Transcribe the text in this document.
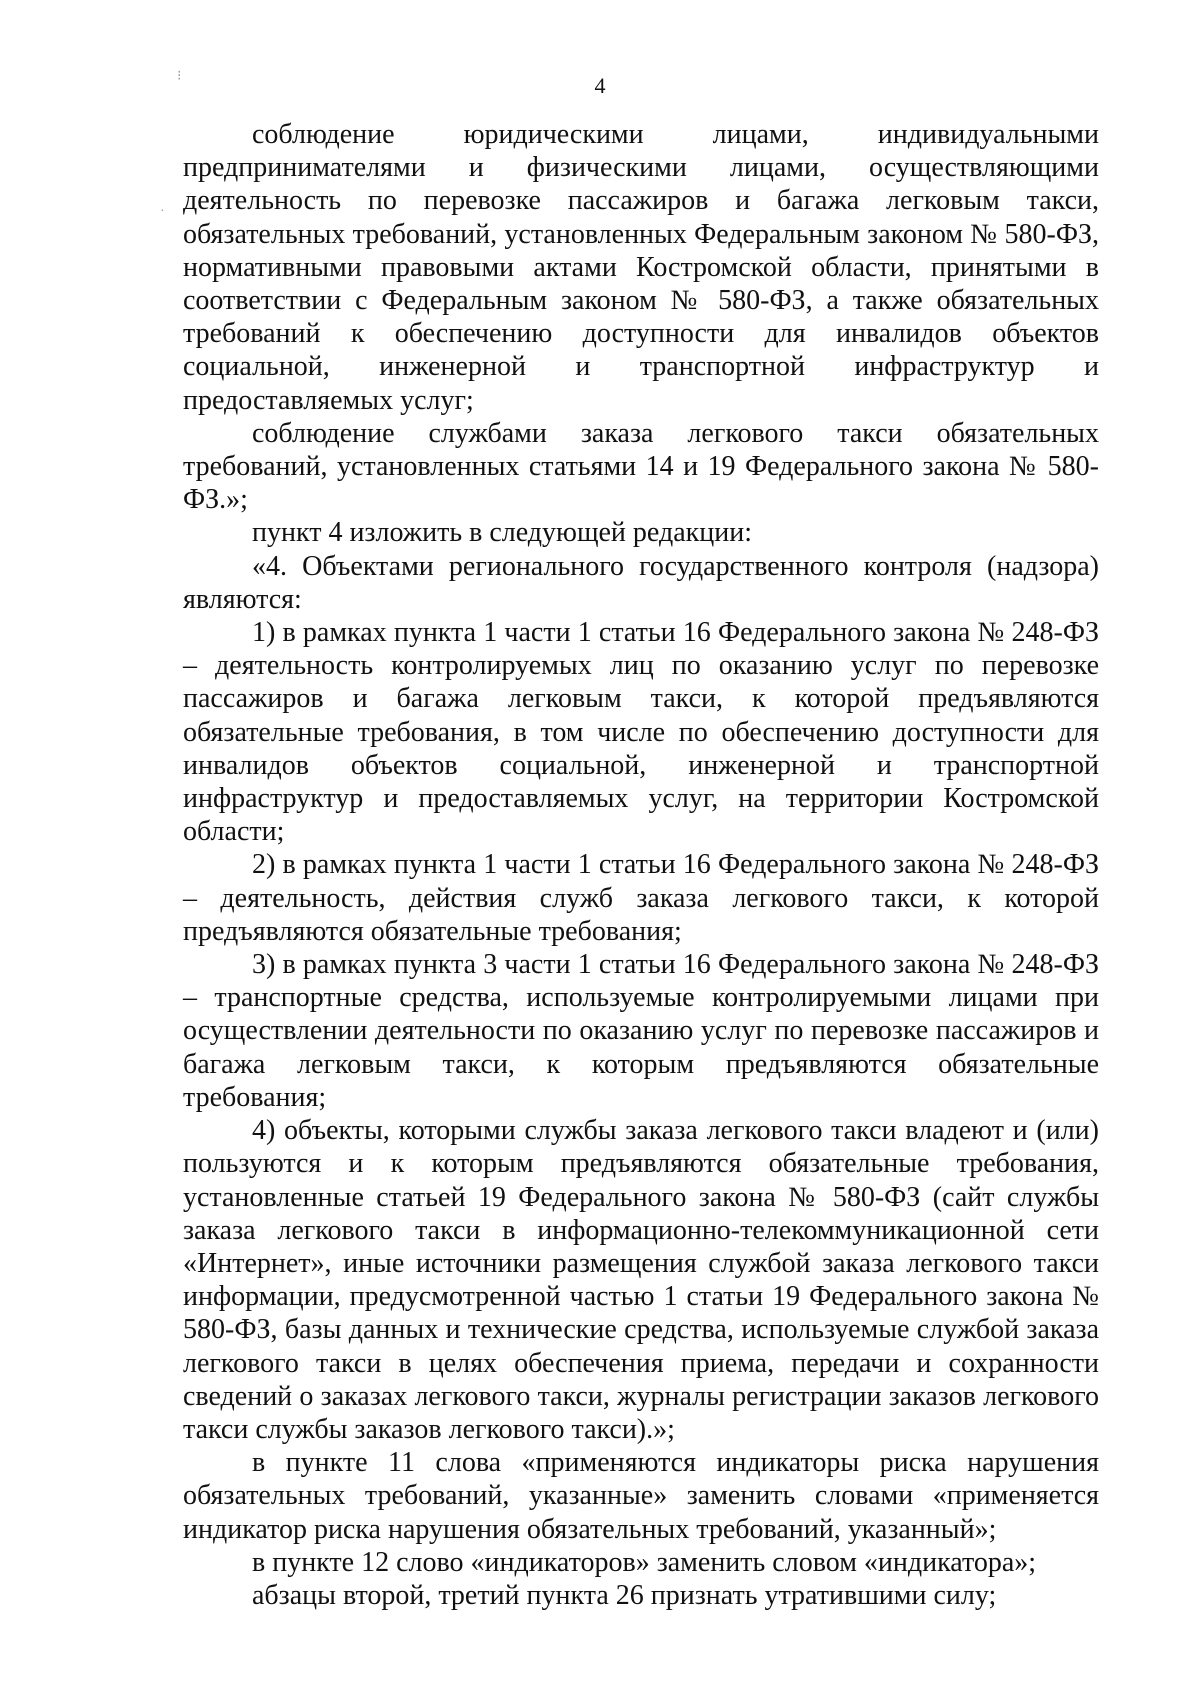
⁝
·
4

соблюдение юридическими лицами, индивидуальными предпринимателями и физическими лицами, осуществляющими деятельность по перевозке пассажиров и багажа легковым такси, обязательных требований, установленных Федеральным законом № 580-ФЗ, нормативными правовыми актами Костромской области, принятыми в соответствии с Федеральным законом № 580-ФЗ, а также обязательных требований к обеспечению доступности для инвалидов объектов социальной, инженерной и транспортной инфраструктур и предоставляемых услуг;

соблюдение службами заказа легкового такси обязательных требований, установленных статьями 14 и 19 Федерального закона № 580-ФЗ.»;

пункт 4 изложить в следующей редакции:

«4. Объектами регионального государственного контроля (надзора) являются:

1) в рамках пункта 1 части 1 статьи 16 Федерального закона № 248-ФЗ – деятельность контролируемых лиц по оказанию услуг по перевозке пассажиров и багажа легковым такси, к которой предъявляются обязательные требования, в том числе по обеспечению доступности для инвалидов объектов социальной, инженерной и транспортной инфраструктур и предоставляемых услуг, на территории Костромской области;

2) в рамках пункта 1 части 1 статьи 16 Федерального закона № 248-ФЗ – деятельность, действия служб заказа легкового такси, к которой предъявляются обязательные требования;

3) в рамках пункта 3 части 1 статьи 16 Федерального закона № 248-ФЗ – транспортные средства, используемые контролируемыми лицами при осуществлении деятельности по оказанию услуг по перевозке пассажиров и багажа легковым такси, к которым предъявляются обязательные требования;

4) объекты, которыми службы заказа легкового такси владеют и (или) пользуются и к которым предъявляются обязательные требования, установленные статьей 19 Федерального закона № 580-ФЗ (сайт службы заказа легкового такси в информационно-телекоммуникационной сети «Интернет», иные источники размещения службой заказа легкового такси информации, предусмотренной частью 1 статьи 19 Федерального закона № 580-ФЗ, базы данных и технические средства, используемые службой заказа легкового такси в целях обеспечения приема, передачи и сохранности сведений о заказах легкового такси, журналы регистрации заказов легкового такси службы заказов легкового такси).»;

в пункте 11 слова «применяются индикаторы риска нарушения обязательных требований, указанные» заменить словами «применяется индикатор риска нарушения обязательных требований, указанный»;

в пункте 12 слово «индикаторов» заменить словом «индикатора»;

абзацы второй, третий пункта 26 признать утратившими силу;
